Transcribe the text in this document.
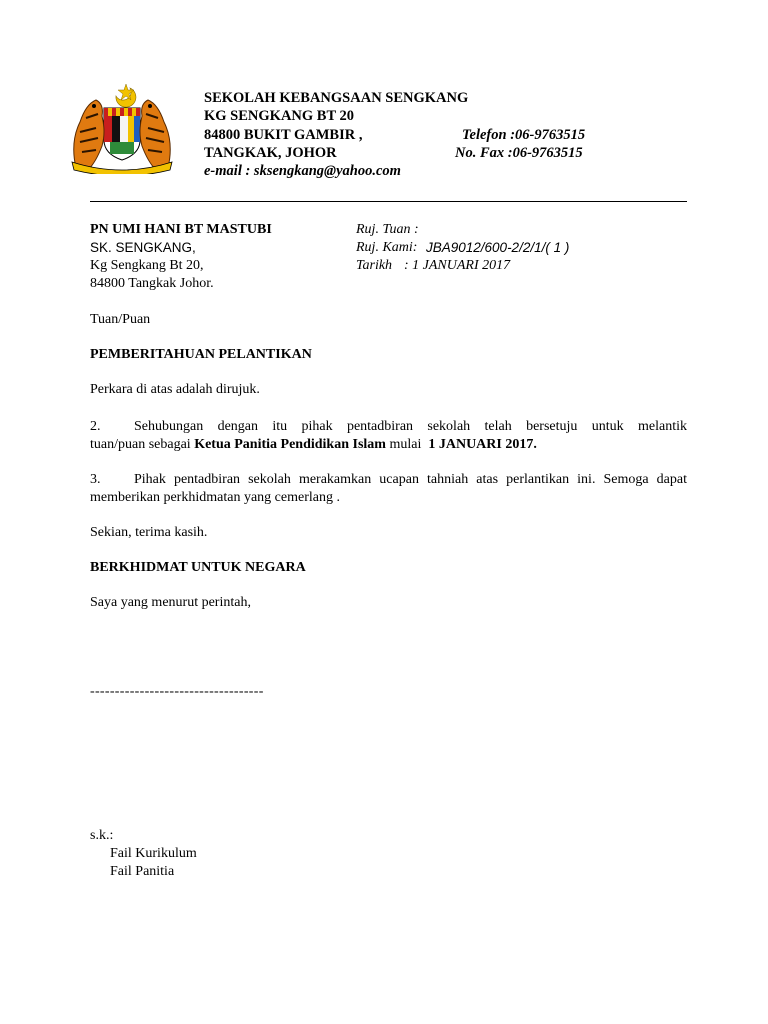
SEKOLAH KEBANGSAAN SENGKANG
KG SENGKANG BT 20
84800 BUKIT GAMBIR ,
TANGKAK, JOHOR
e-mail : sksengkang@yahoo.com
Telefon :06-9763515
No. Fax :06-9763515
PN UMI HANI BT MASTUBI
SK. SENGKANG,
Kg Sengkang Bt 20,
84800 Tangkak Johor.
Ruj. Tuan :
Ruj. Kami: JBA9012/600-2/2/1/( 1 )
Tarikh : 1 JANUARI 2017
Tuan/Puan
PEMBERITAHUAN PELANTIKAN
Perkara di atas adalah dirujuk.
2. Sehubungan dengan itu pihak pentadbiran sekolah telah bersetuju untuk melantik
tuan/puan sebagai Ketua Panitia Pendidikan Islam mulai 1 JANUARI 2017.
3. Pihak pentadbiran sekolah merakamkan ucapan tahniah atas perlantikan ini. Semoga dapat
memberikan perkhidmatan yang cemerlang .
Sekian, terima kasih.
BERKHIDMAT UNTUK NEGARA
Saya yang menurut perintah,
-----------------------------------
s.k.:
Fail Kurikulum
Fail Panitia
